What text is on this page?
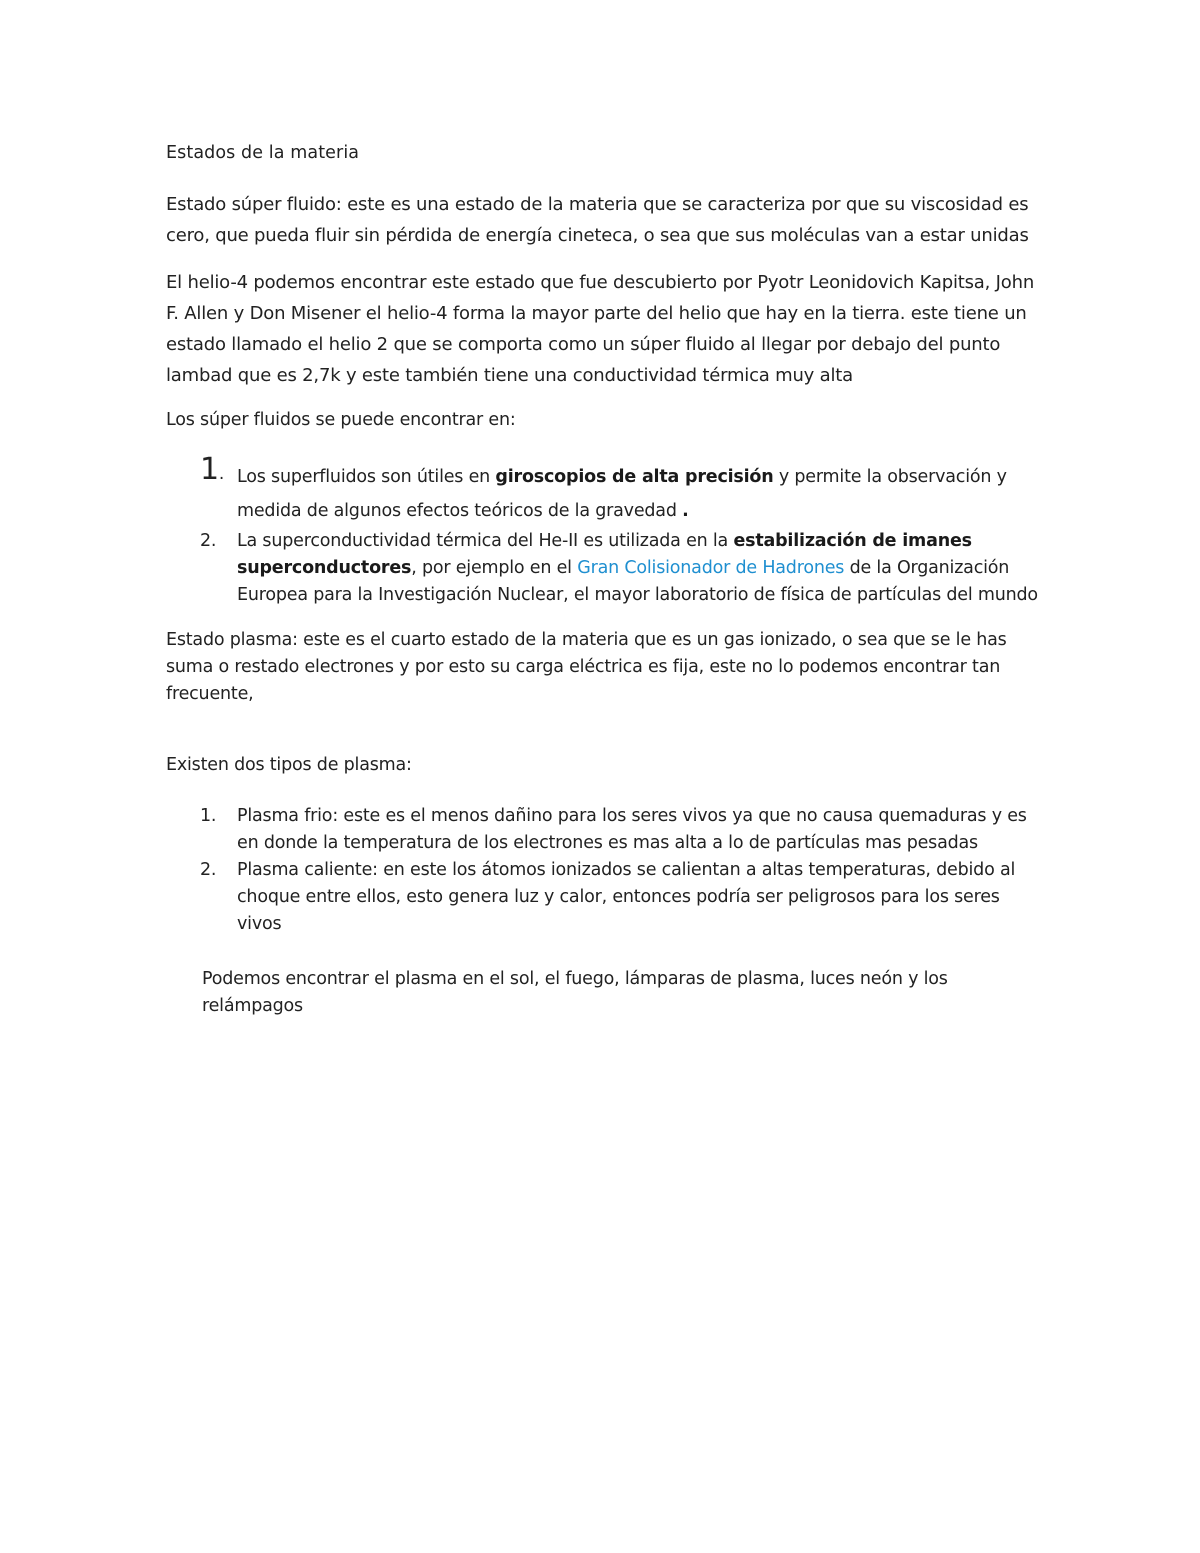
Estados de la materia

Estado súper fluido: este es una estado de la materia que se caracteriza por que su viscosidad es cero, que pueda fluir sin pérdida de energía cineteca, o sea que sus moléculas van a estar unidas

El helio-4 podemos encontrar este estado que fue descubierto por Pyotr Leonidovich Kapitsa, John F. Allen y Don Misener el helio-4 forma la mayor parte del helio que hay en la tierra. este tiene un estado llamado el helio 2 que se comporta como un súper fluido al llegar por debajo del punto lambad que es 2,7k y este también tiene una conductividad térmica muy alta

Los súper fluidos se puede encontrar en:

1. Los superfluidos son útiles en giroscopios de alta precisión y permite la observación y medida de algunos efectos teóricos de la gravedad .
2. La superconductividad térmica del He-II es utilizada en la estabilización de imanes superconductores, por ejemplo en el Gran Colisionador de Hadrones de la Organización Europea para la Investigación Nuclear, el mayor laboratorio de física de partículas del mundo

Estado plasma: este es el cuarto estado de la materia que es un gas ionizado, o sea que se le has suma o restado electrones y por esto su carga eléctrica es fija, este no lo podemos encontrar tan frecuente,

Existen dos tipos de plasma:

1. Plasma frio: este es el menos dañino para los seres vivos ya que no causa quemaduras y es en donde la temperatura de los electrones es mas alta a lo de partículas mas pesadas
2. Plasma caliente: en este los átomos ionizados se calientan a altas temperaturas, debido al choque entre ellos, esto genera luz y calor, entonces podría ser peligrosos para los seres vivos

Podemos encontrar el plasma en el sol, el fuego, lámparas de plasma, luces neón y los relámpagos
